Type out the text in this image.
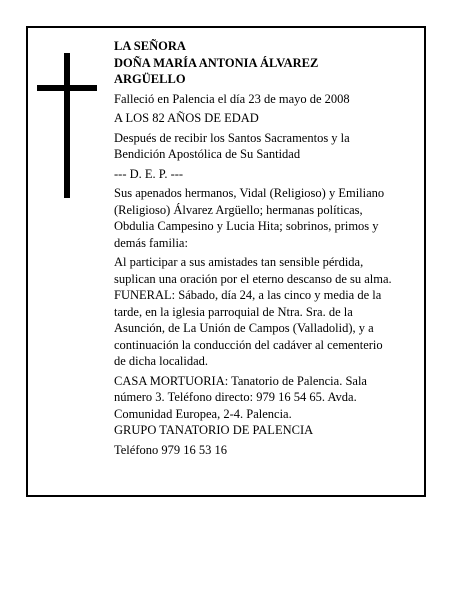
LA SEÑORA
DOÑA MARÍA ANTONIA ÁLVAREZ
ARGÜELLO
Falleció en Palencia el día 23 de mayo de 2008
A LOS 82 AÑOS DE EDAD
Después de recibir los Santos Sacramentos y la
Bendición Apostólica de Su Santidad
--- D. E. P. ---
Sus apenados hermanos, Vidal (Religioso) y Emiliano
(Religioso) Álvarez Argüello; hermanas políticas,
Obdulia Campesino y Lucia Hita; sobrinos, primos y
demás familia:
Al participar a sus amistades tan sensible pérdida,
suplican una oración por el eterno descanso de su alma.
FUNERAL: Sábado, día 24, a las cinco y media de la
tarde, en la iglesia parroquial de Ntra. Sra. de la
Asunción, de La Unión de Campos (Valladolid), y a
continuación la conducción del cadáver al cementerio
de dicha localidad.
CASA MORTUORIA: Tanatorio de Palencia. Sala
número 3. Teléfono directo: 979 16 54 65. Avda.
Comunidad Europea, 2-4. Palencia.
GRUPO TANATORIO DE PALENCIA
Teléfono 979 16 53 16
